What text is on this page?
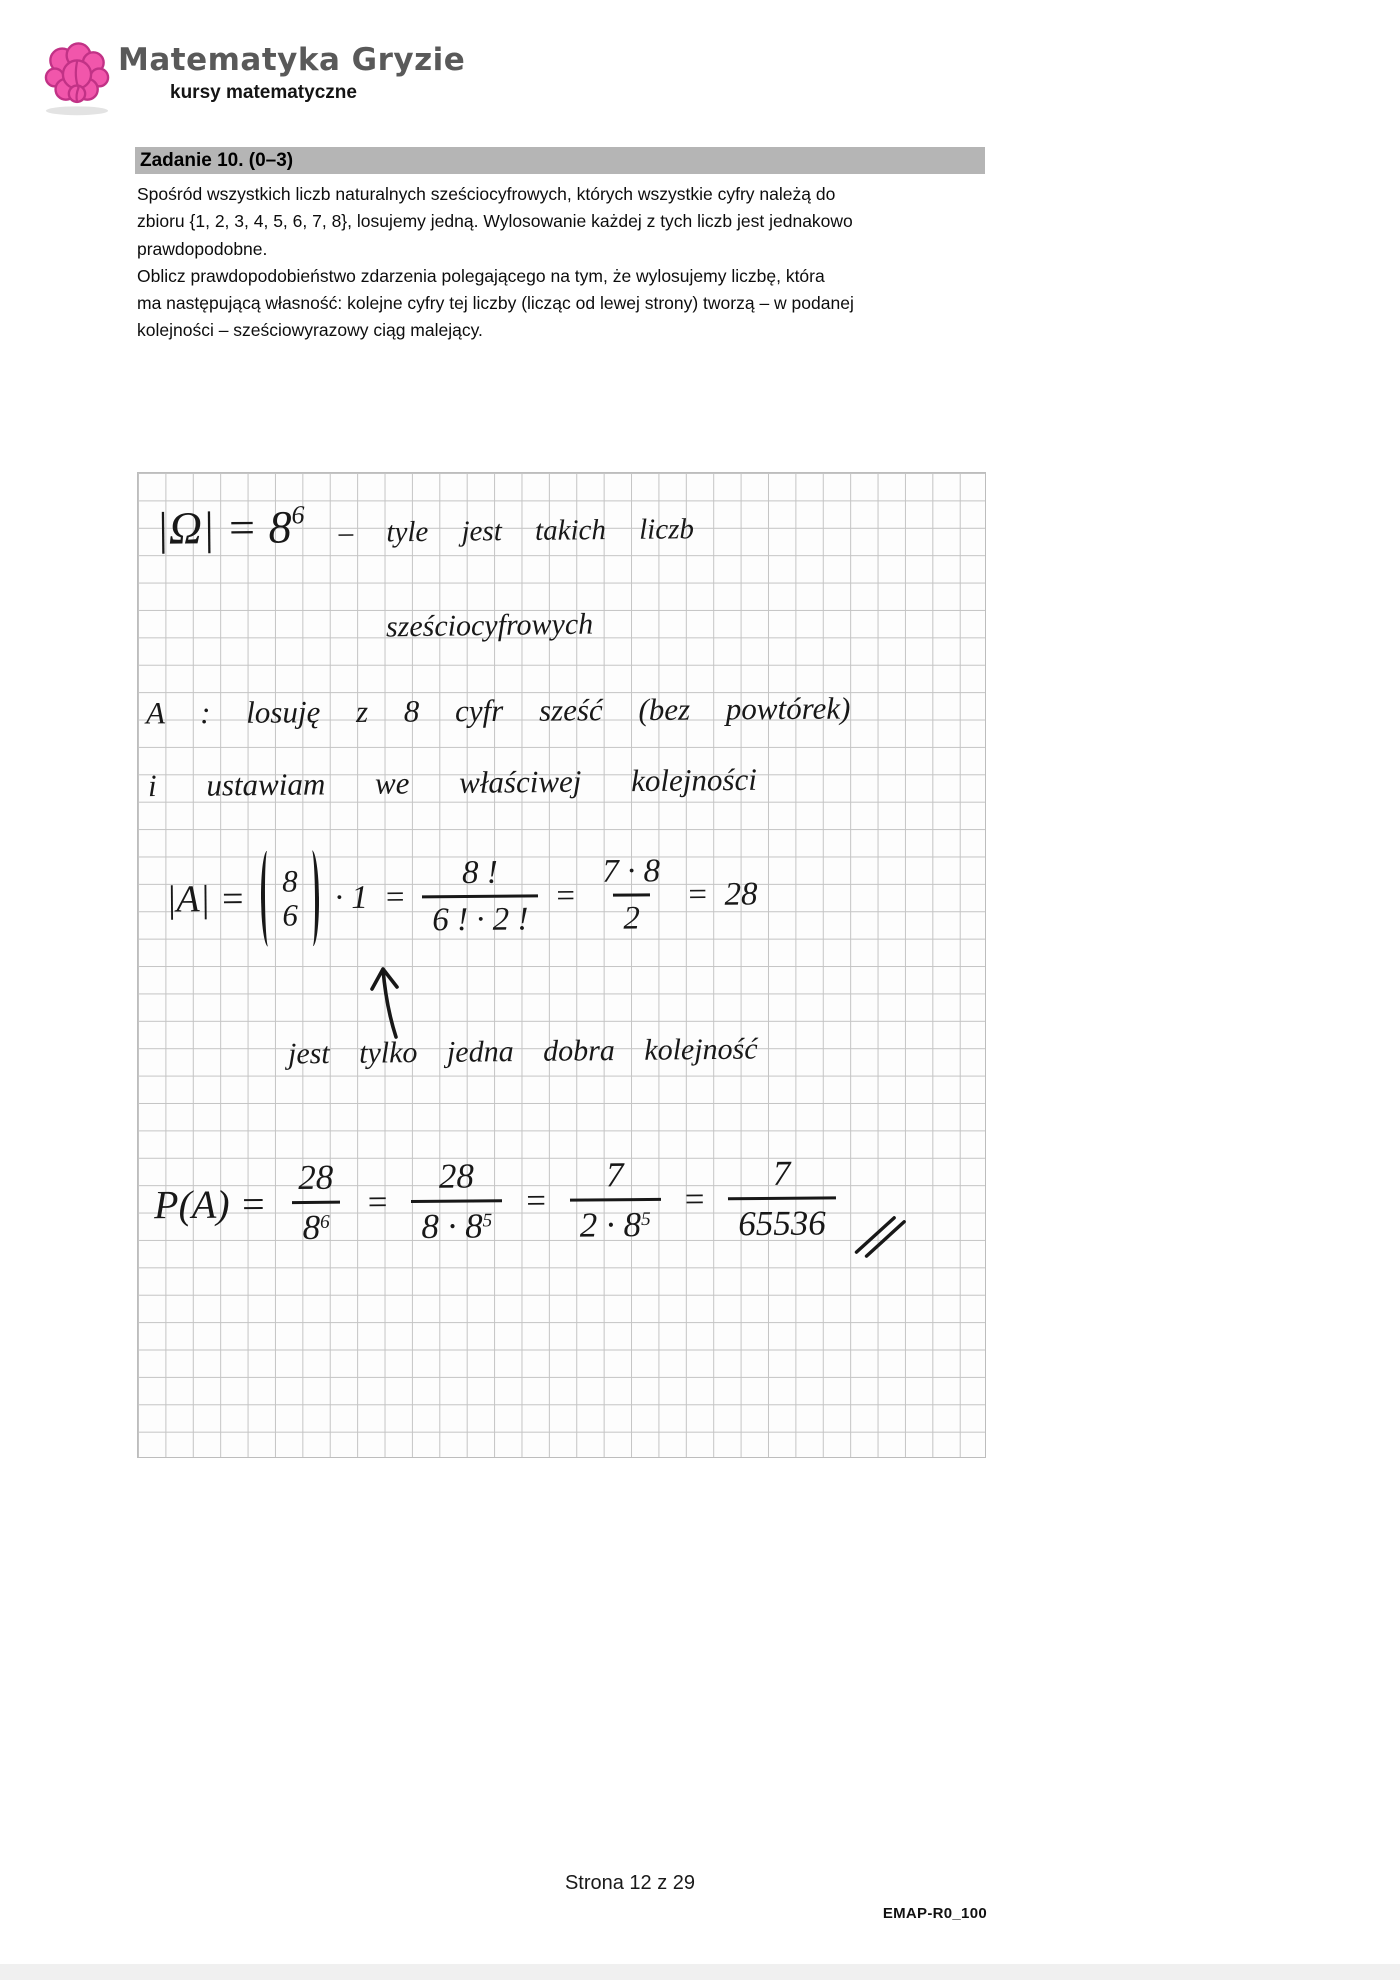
Matematyka Gryzie
kursy matematyczne
Zadanie 10. (0–3)
Spośród wszystkich liczb naturalnych sześciocyfrowych, których wszystkie cyfry należą do
zbioru {1, 2, 3, 4, 5, 6, 7, 8}, losujemy jedną. Wylosowanie każdej z tych liczb jest jednakowo
prawdopodobne.
Oblicz prawdopodobieństwo zdarzenia polegającego na tym, że wylosujemy liczbę, która
ma następującą własność: kolejne cyfry tej liczby (licząc od lewej strony) tworzą – w podanej
kolejności – sześciowyrazowy ciąg malejący.
$|\Omega| = 8^6$ – tyle jest takich liczb
sześciocyfrowych
A : losuję z 8 cyfr sześć (bez powtórek)
i ustawiam we właściwej kolejności
|A| = 8
$6 \cdot 1 = \frac{8 !}{6 ! \cdot 2 !} = \frac{7 \cdot 8}{2} = 28$
jest tylko jedna dobra kolejność
$P(A) = \frac{28}{8^6} = \frac{28}{8 \cdot 8^5} = \frac{7}{2 \cdot 8^5} = \frac{7}{65536}$
Strona 12 z 29
EMAP-R0_100
